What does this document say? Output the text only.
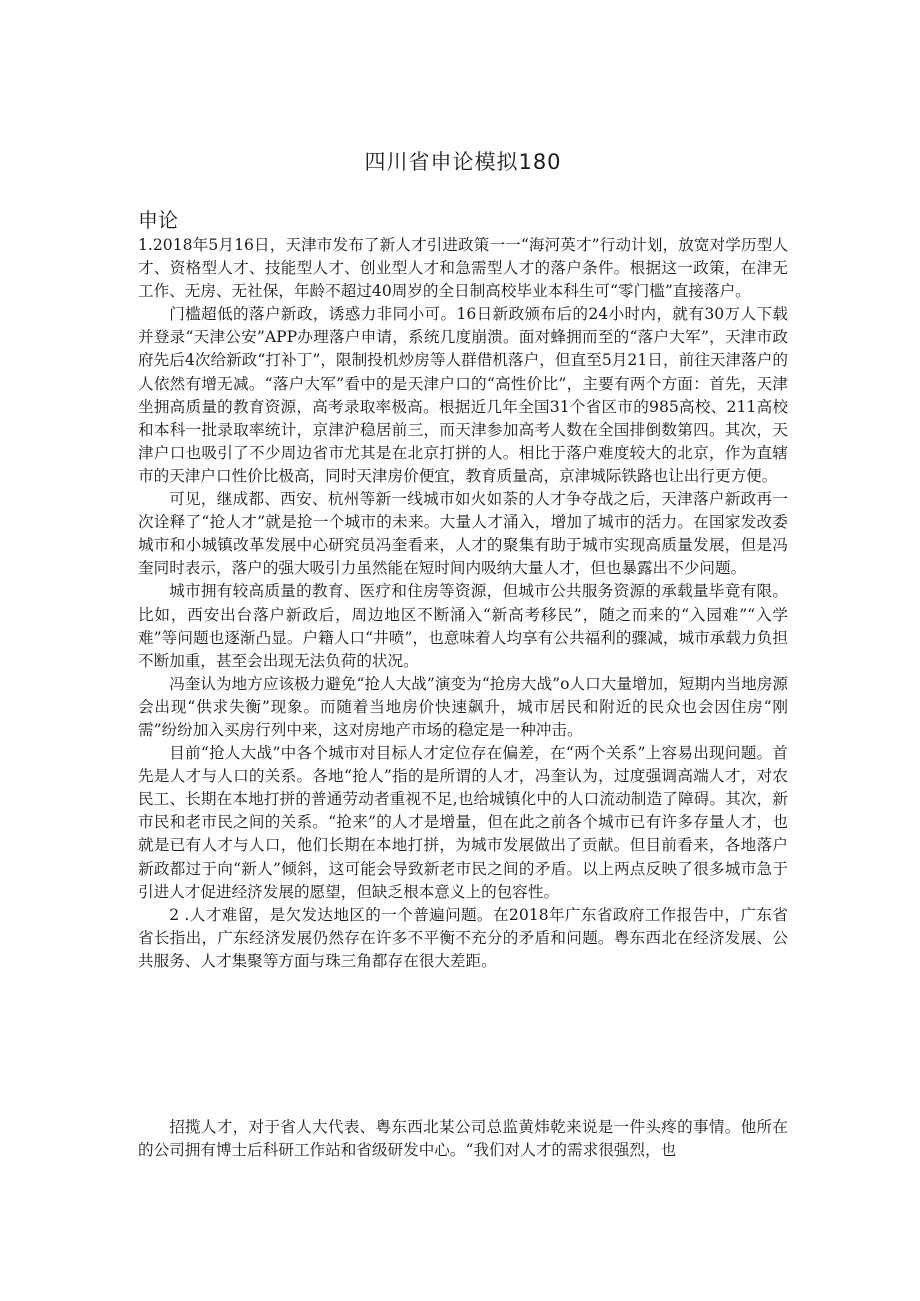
四川省申论模拟180
申论

1.2018年5月16日，天津市发布了新人才引进政策一一“海河英才”行动计划，放宽对学历型人才、资格型人才、技能型人才、创业型人才和急需型人才的落户条件。根据这一政策，在津无工作、无房、无社保，年龄不超过40周岁的全日制高校毕业本科生可“零门槛”直接落户。

门槛超低的落户新政，诱惑力非同小可。16日新政颁布后的24小时内，就有30万人下载并登录“天津公安”APP办理落户申请，系统几度崩溃。面对蜂拥而至的“落户大军”，天津市政府先后4次给新政“打补丁”，限制投机炒房等人群借机落户，但直至5月21日，前往天津落户的人依然有增无减。“落户大军”看中的是天津户口的“高性价比”，主要有两个方面：首先，天津坐拥高质量的教育资源，高考录取率极高。根据近几年全国31个省区市的985高校、211高校和本科一批录取率统计，京津沪稳居前三，而天津参加高考人数在全国排倒数第四。其次，天津户口也吸引了不少周边省市尤其是在北京打拼的人。相比于落户难度较大的北京，作为直辖市的天津户口性价比极高，同时天津房价便宜，教育质量高，京津城际铁路也让出行更方便。

可见，继成都、西安、杭州等新一线城市如火如荼的人才争夺战之后，天津落户新政再一次诠释了“抢人才”就是抢一个城市的未来。大量人才涌入，增加了城市的活力。在国家发改委城市和小城镇改革发展中心研究员冯奎看来，人才的聚集有助于城市实现高质量发展，但是冯奎同时表示，落户的强大吸引力虽然能在短时间内吸纳大量人才，但也暴露出不少问题。

城市拥有较高质量的教育、医疗和住房等资源，但城市公共服务资源的承载量毕竟有限。比如，西安出台落户新政后，周边地区不断涌入“新高考移民”，随之而来的“入园难”“入学难”等问题也逐渐凸显。户籍人口“井喷”，也意味着人均享有公共福利的骤减，城市承载力负担不断加重，甚至会出现无法负荷的状况。

冯奎认为地方应该极力避免“抢人大战”演变为“抢房大战”o人口大量增加，短期内当地房源会出现“供求失衡”现象。而随着当地房价快速飙升，城市居民和附近的民众也会因住房“刚需”纷纷加入买房行列中来，这对房地产市场的稳定是一种冲击。

目前“抢人大战”中各个城市对目标人才定位存在偏差，在“两个关系”上容易出现问题。首先是人才与人口的关系。各地“抢人”指的是所谓的人才，冯奎认为，过度强调高端人才，对农民工、长期在本地打拼的普通劳动者重视不足,也给城镇化中的人口流动制造了障碍。其次，新市民和老市民之间的关系。“抢来”的人才是增量，但在此之前各个城市已有许多存量人才，也就是已有人才与人口，他们长期在本地打拼，为城市发展做出了贡献。但目前看来，各地落户新政都过于向“新人”倾斜，这可能会导致新老市民之间的矛盾。以上两点反映了很多城市急于引进人才促进经济发展的愿望，但缺乏根本意义上的包容性。

2 .人才难留，是欠发达地区的一个普遍问题。在2018年广东省政府工作报告中，广东省省长指出，广东经济发展仍然存在许多不平衡不充分的矛盾和问题。粤东西北在经济发展、公共服务、人才集聚等方面与珠三角都存在很大差距。

招揽人才，对于省人大代表、粤东西北某公司总监黄炜乾来说是一件头疼的事情。他所在的公司拥有博士后科研工作站和省级研发中心。“我们对人才的需求很强烈，也
